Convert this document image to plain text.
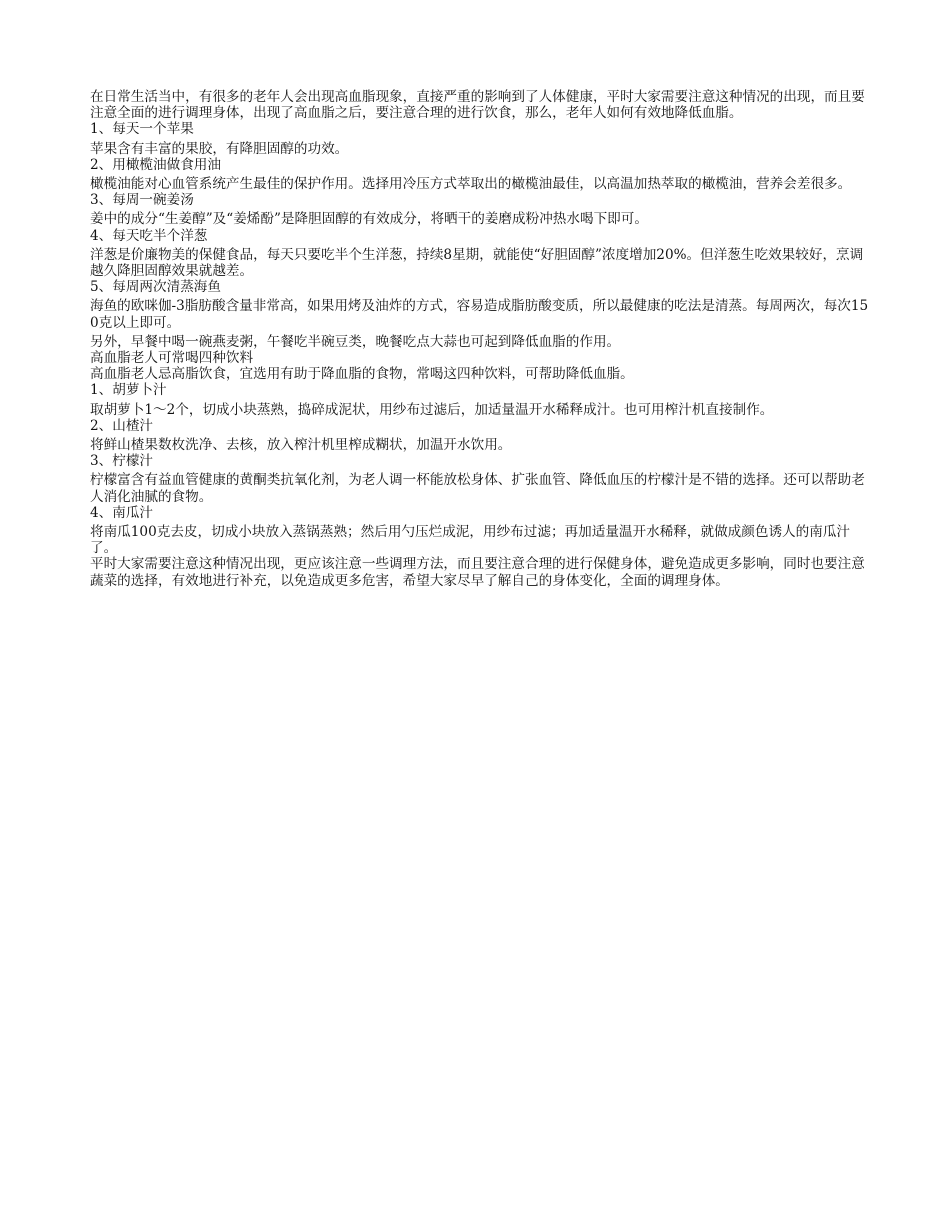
在日常生活当中，有很多的老年人会出现高血脂现象，直接严重的影响到了人体健康，平时大家需要注意这种情况的出现，而且要注意全面的进行调理身体，出现了高血脂之后，要注意合理的进行饮食，那么，老年人如何有效地降低血脂。

1、每天一个苹果

苹果含有丰富的果胶，有降胆固醇的功效。

2、用橄榄油做食用油

橄榄油能对心血管系统产生最佳的保护作用。选择用冷压方式萃取出的橄榄油最佳，以高温加热萃取的橄榄油，营养会差很多。

3、每周一碗姜汤

姜中的成分“生姜醇”及“姜烯酚”是降胆固醇的有效成分，将晒干的姜磨成粉冲热水喝下即可。

4、每天吃半个洋葱

洋葱是价廉物美的保健食品，每天只要吃半个生洋葱，持续8星期，就能使“好胆固醇”浓度增加20%。但洋葱生吃效果较好，烹调越久降胆固醇效果就越差。

5、每周两次清蒸海鱼

海鱼的欧咪伽-3脂肪酸含量非常高，如果用烤及油炸的方式，容易造成脂肪酸变质，所以最健康的吃法是清蒸。每周两次，每次150克以上即可。

另外，早餐中喝一碗燕麦粥，午餐吃半碗豆类，晚餐吃点大蒜也可起到降低血脂的作用。

高血脂老人可常喝四种饮料

高血脂老人忌高脂饮食，宜选用有助于降血脂的食物，常喝这四种饮料，可帮助降低血脂。

1、胡萝卜汁

取胡萝卜1～2个，切成小块蒸熟，捣碎成泥状，用纱布过滤后，加适量温开水稀释成汁。也可用榨汁机直接制作。

2、山楂汁

将鲜山楂果数枚洗净、去核，放入榨汁机里榨成糊状，加温开水饮用。

3、柠檬汁

柠檬富含有益血管健康的黄酮类抗氧化剂，为老人调一杯能放松身体、扩张血管、降低血压的柠檬汁是不错的选择。还可以帮助老人消化油腻的食物。

4、南瓜汁

将南瓜100克去皮，切成小块放入蒸锅蒸熟；然后用勺压烂成泥，用纱布过滤；再加适量温开水稀释，就做成颜色诱人的南瓜汁了。

平时大家需要注意这种情况出现，更应该注意一些调理方法，而且要注意合理的进行保健身体，避免造成更多影响，同时也要注意蔬菜的选择，有效地进行补充，以免造成更多危害，希望大家尽早了解自己的身体变化，全面的调理身体。
